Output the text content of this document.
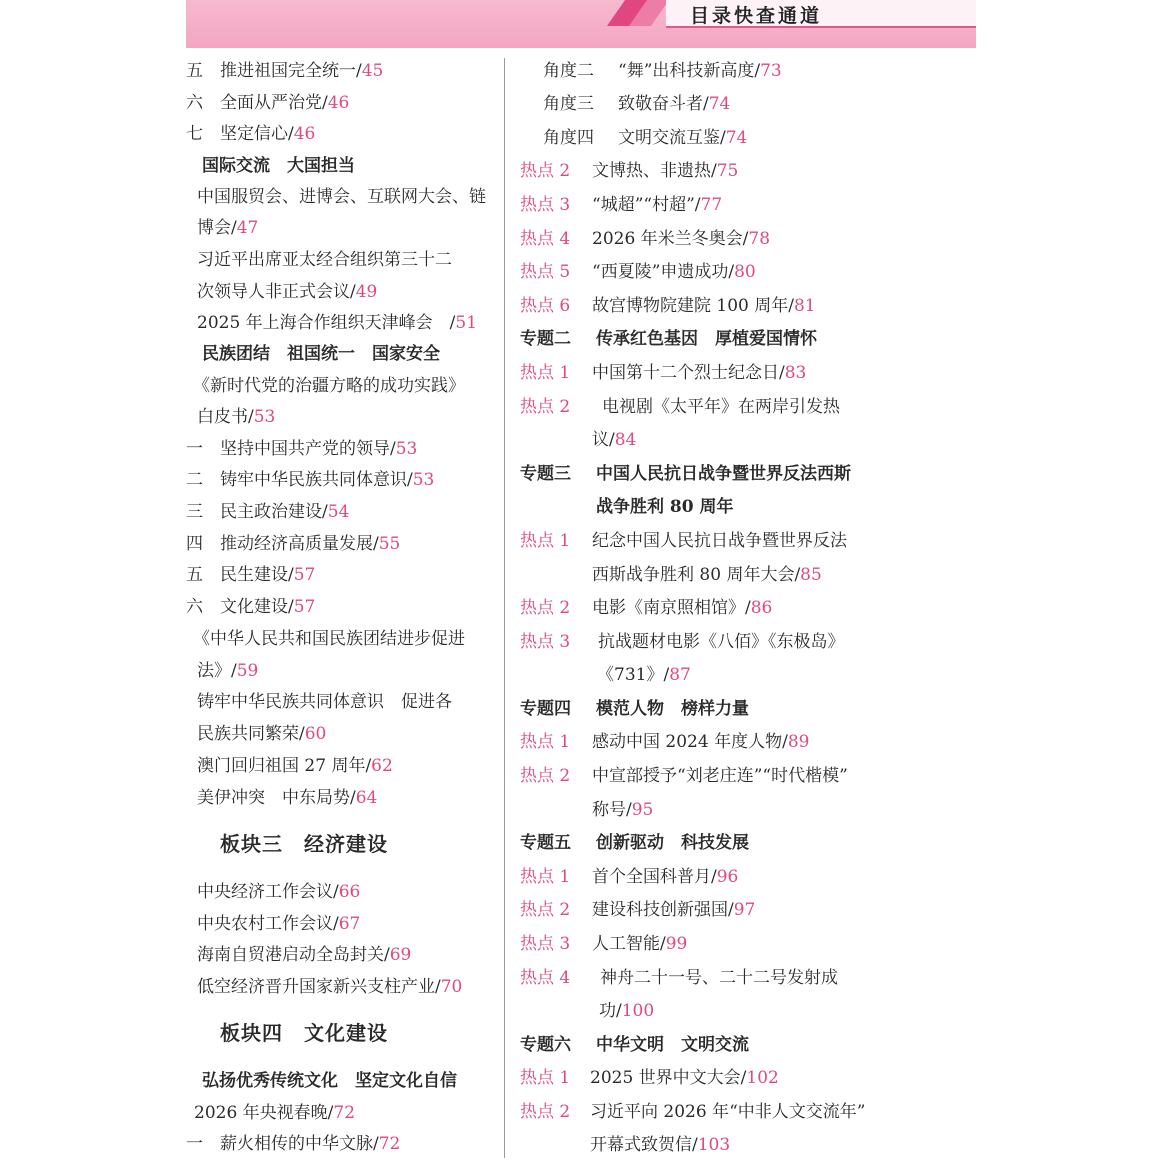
目录快查通道
五 推进祖国完全统一/45
六 全面从严治党/46
七 坚定信心/46
国际交流　大国担当
中国服贸会、进博会、互联网大会、链
博会/47
习近平出席亚太经合组织第三十二
次领导人非正式会议/49
2025 年上海合作组织天津峰会　/51
民族团结　祖国统一　国家安全
《新时代党的治疆方略的成功实践》
白皮书/53
一 坚持中国共产党的领导/53
二 铸牢中华民族共同体意识/53
三 民主政治建设/54
四 推动经济高质量发展/55
五 民生建设/57
六 文化建设/57
《中华人民共和国民族团结进步促进
法》/59
铸牢中华民族共同体意识　促进各
民族共同繁荣/60
澳门回归祖国 27 周年/62
美伊冲突　中东局势/64
板块三　经济建设
中央经济工作会议/66
中央农村工作会议/67
海南自贸港启动全岛封关/69
低空经济晋升国家新兴支柱产业/70
板块四　文化建设
弘扬优秀传统文化　坚定文化自信
2026 年央视春晚/72
一 薪火相传的中华文脉/72
角度二 “舞”出科技新高度/73
角度三 致敬奋斗者/74
角度四 文明交流互鉴/74
热点 2 文博热、非遗热/75
热点 3 “城超”“村超”/77
热点 4 2026 年米兰冬奥会/78
热点 5 “西夏陵”申遗成功/80
热点 6 故宫博物院建院 100 周年/81
专题二 传承红色基因　厚植爱国情怀
热点 1 中国第十二个烈士纪念日/83
热点 2 电视剧《太平年》在两岸引发热
议/84
专题三 中国人民抗日战争暨世界反法西斯
战争胜利 80 周年
热点 1 纪念中国人民抗日战争暨世界反法
西斯战争胜利 80 周年大会/85
热点 2 电影《南京照相馆》/86
热点 3 抗战题材电影《八佰》《东极岛》
《731》/87
专题四 模范人物　榜样力量
热点 1 感动中国 2024 年度人物/89
热点 2 中宣部授予“刘老庄连”“时代楷模”
称号/95
专题五 创新驱动　科技发展
热点 1 首个全国科普月/96
热点 2 建设科技创新强国/97
热点 3 人工智能/99
热点 4 神舟二十一号、二十二号发射成
功/100
专题六 中华文明　文明交流
热点 1 2025 世界中文大会/102
热点 2 习近平向 2026 年“中非人文交流年”
开幕式致贺信/103
